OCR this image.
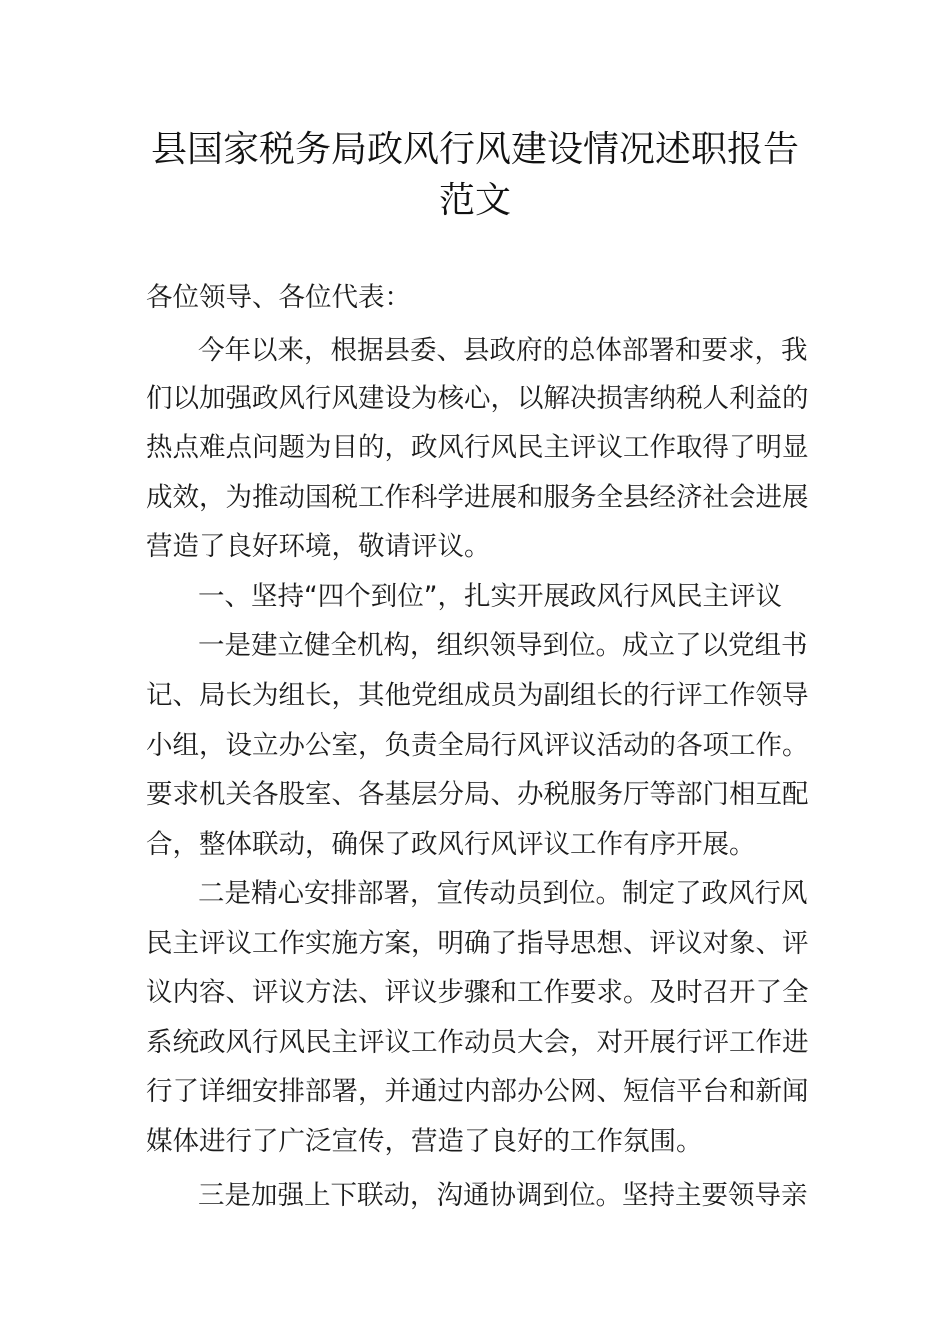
县国家税务局政风行风建设情况述职报告
范文
各位领导、各位代表：
今年以来，根据县委、县政府的总体部署和要求，我
们以加强政风行风建设为核心，以解决损害纳税人利益的
热点难点问题为目的，政风行风民主评议工作取得了明显
成效，为推动国税工作科学进展和服务全县经济社会进展
营造了良好环境，敬请评议。
一、坚持“四个到位”，扎实开展政风行风民主评议
一是建立健全机构，组织领导到位。成立了以党组书
记、局长为组长，其他党组成员为副组长的行评工作领导
小组，设立办公室，负责全局行风评议活动的各项工作。
要求机关各股室、各基层分局、办税服务厅等部门相互配
合，整体联动，确保了政风行风评议工作有序开展。
二是精心安排部署，宣传动员到位。制定了政风行风
民主评议工作实施方案，明确了指导思想、评议对象、评
议内容、评议方法、评议步骤和工作要求。及时召开了全
系统政风行风民主评议工作动员大会，对开展行评工作进
行了详细安排部署，并通过内部办公网、短信平台和新闻
媒体进行了广泛宣传，营造了良好的工作氛围。
三是加强上下联动，沟通协调到位。坚持主要领导亲
